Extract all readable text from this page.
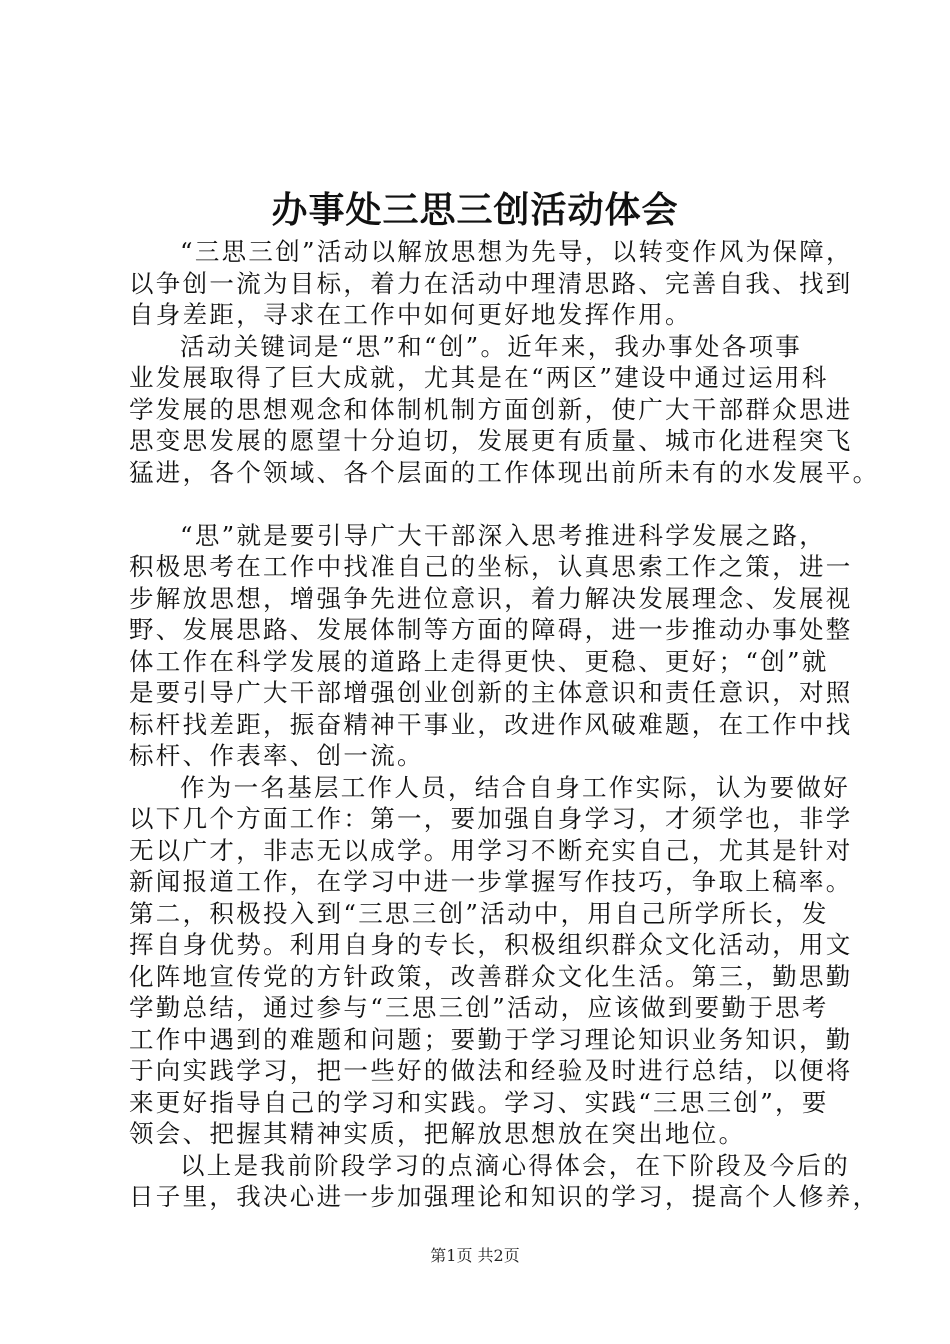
办事处三思三创活动体会
“三思三创”活动以解放思想为先导，以转变作风为保障，
以争创一流为目标，着力在活动中理清思路、完善自我、找到
自身差距，寻求在工作中如何更好地发挥作用。
活动关键词是“思”和“创”。近年来，我办事处各项事
业发展取得了巨大成就，尤其是在“两区”建设中通过运用科
学发展的思想观念和体制机制方面创新，使广大干部群众思进
思变思发展的愿望十分迫切，发展更有质量、城市化进程突飞
猛进，各个领域、各个层面的工作体现出前所未有的水发展平。
“思”就是要引导广大干部深入思考推进科学发展之路，
积极思考在工作中找准自己的坐标，认真思索工作之策，进一
步解放思想，增强争先进位意识，着力解决发展理念、发展视
野、发展思路、发展体制等方面的障碍，进一步推动办事处整
体工作在科学发展的道路上走得更快、更稳、更好；“创”就
是要引导广大干部增强创业创新的主体意识和责任意识，对照
标杆找差距，振奋精神干事业，改进作风破难题，在工作中找
标杆、作表率、创一流。
作为一名基层工作人员，结合自身工作实际，认为要做好
以下几个方面工作：第一，要加强自身学习，才须学也，非学
无以广才，非志无以成学。用学习不断充实自己，尤其是针对
新闻报道工作，在学习中进一步掌握写作技巧，争取上稿率。
第二，积极投入到“三思三创”活动中，用自己所学所长，发
挥自身优势。利用自身的专长，积极组织群众文化活动，用文
化阵地宣传党的方针政策，改善群众文化生活。第三，勤思勤
学勤总结，通过参与“三思三创”活动，应该做到要勤于思考
工作中遇到的难题和问题；要勤于学习理论知识业务知识，勤
于向实践学习，把一些好的做法和经验及时进行总结，以便将
来更好指导自己的学习和实践。学习、实践“三思三创”，要
领会、把握其精神实质，把解放思想放在突出地位。
以上是我前阶段学习的点滴心得体会，在下阶段及今后的
日子里，我决心进一步加强理论和知识的学习，提高个人修养，
第1页 共2页
